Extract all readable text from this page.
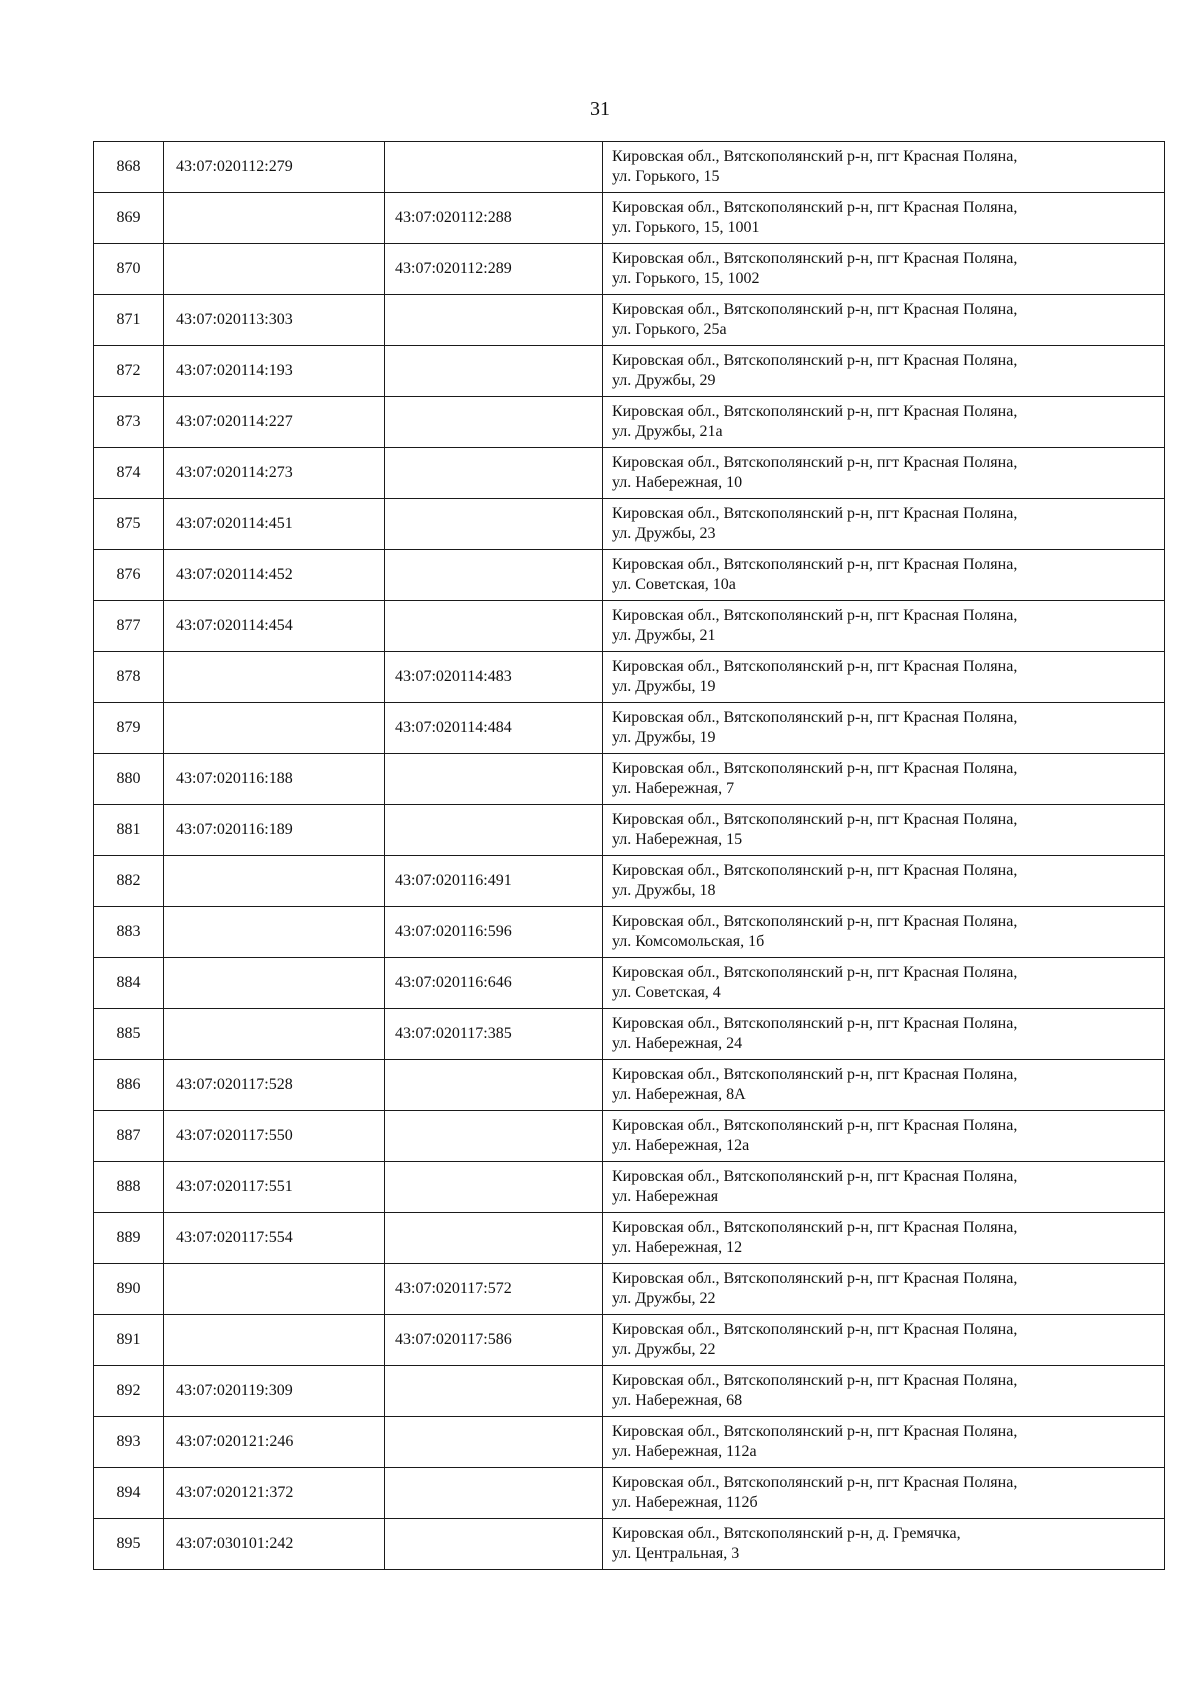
31
868	43:07:020112:279		Кировская обл., Вятскополянский р-н, пгт Красная Поляна,
ул. Горького, 15

869		43:07:020112:288	Кировская обл., Вятскополянский р-н, пгт Красная Поляна,
ул. Горького, 15, 1001

870		43:07:020112:289	Кировская обл., Вятскополянский р-н, пгт Красная Поляна,
ул. Горького, 15, 1002

871	43:07:020113:303		Кировская обл., Вятскополянский р-н, пгт Красная Поляна,
ул. Горького, 25а

872	43:07:020114:193		Кировская обл., Вятскополянский р-н, пгт Красная Поляна,
ул. Дружбы, 29

873	43:07:020114:227		Кировская обл., Вятскополянский р-н, пгт Красная Поляна,
ул. Дружбы, 21а

874	43:07:020114:273		Кировская обл., Вятскополянский р-н, пгт Красная Поляна,
ул. Набережная, 10

875	43:07:020114:451		Кировская обл., Вятскополянский р-н, пгт Красная Поляна,
ул. Дружбы, 23

876	43:07:020114:452		Кировская обл., Вятскополянский р-н, пгт Красная Поляна,
ул. Советская, 10а

877	43:07:020114:454		Кировская обл., Вятскополянский р-н, пгт Красная Поляна,
ул. Дружбы, 21

878		43:07:020114:483	Кировская обл., Вятскополянский р-н, пгт Красная Поляна,
ул. Дружбы, 19

879		43:07:020114:484	Кировская обл., Вятскополянский р-н, пгт Красная Поляна,
ул. Дружбы, 19

880	43:07:020116:188		Кировская обл., Вятскополянский р-н, пгт Красная Поляна,
ул. Набережная, 7

881	43:07:020116:189		Кировская обл., Вятскополянский р-н, пгт Красная Поляна,
ул. Набережная, 15

882		43:07:020116:491	Кировская обл., Вятскополянский р-н, пгт Красная Поляна,
ул. Дружбы, 18

883		43:07:020116:596	Кировская обл., Вятскополянский р-н, пгт Красная Поляна,
ул. Комсомольская, 1б

884		43:07:020116:646	Кировская обл., Вятскополянский р-н, пгт Красная Поляна,
ул. Советская, 4

885		43:07:020117:385	Кировская обл., Вятскополянский р-н, пгт Красная Поляна,
ул. Набережная, 24

886	43:07:020117:528		Кировская обл., Вятскополянский р-н, пгт Красная Поляна,
ул. Набережная, 8А

887	43:07:020117:550		Кировская обл., Вятскополянский р-н, пгт Красная Поляна,
ул. Набережная, 12а

888	43:07:020117:551		Кировская обл., Вятскополянский р-н, пгт Красная Поляна,
ул. Набережная

889	43:07:020117:554		Кировская обл., Вятскополянский р-н, пгт Красная Поляна,
ул. Набережная, 12

890		43:07:020117:572	Кировская обл., Вятскополянский р-н, пгт Красная Поляна,
ул. Дружбы, 22

891		43:07:020117:586	Кировская обл., Вятскополянский р-н, пгт Красная Поляна,
ул. Дружбы, 22

892	43:07:020119:309		Кировская обл., Вятскополянский р-н, пгт Красная Поляна,
ул. Набережная, 68

893	43:07:020121:246		Кировская обл., Вятскополянский р-н, пгт Красная Поляна,
ул. Набережная, 112а

894	43:07:020121:372		Кировская обл., Вятскополянский р-н, пгт Красная Поляна,
ул. Набережная, 112б

895	43:07:030101:242		Кировская обл., Вятскополянский р-н, д. Гремячка,
ул. Центральная, 3
